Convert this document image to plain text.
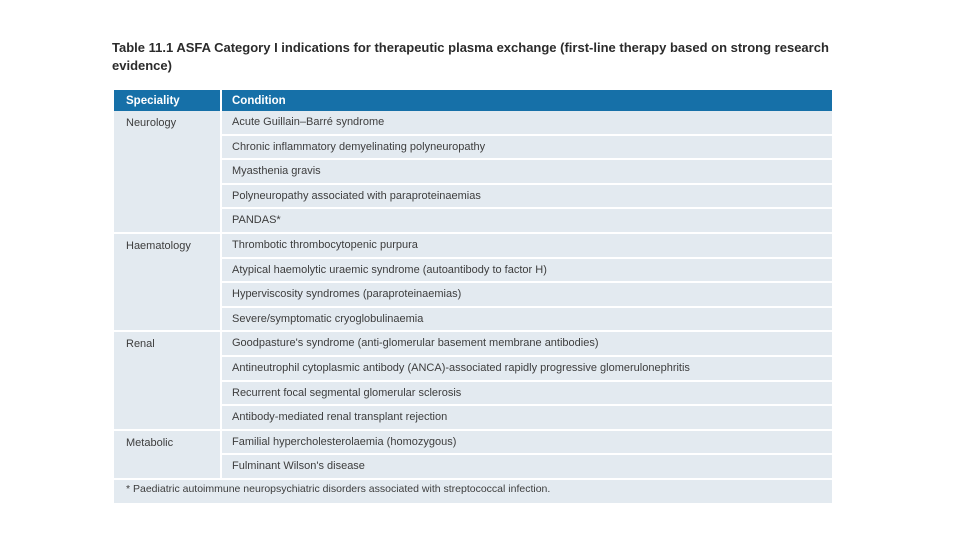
Table 11.1 ASFA Category I indications for therapeutic plasma exchange (first-line therapy based on strong research evidence)
Speciality	Condition
Neurology	Acute Guillain–Barré syndrome
	Chronic inflammatory demyelinating polyneuropathy
	Myasthenia gravis
	Polyneuropathy associated with paraproteinaemias
	PANDAS*
Haematology	Thrombotic thrombocytopenic purpura
	Atypical haemolytic uraemic syndrome (autoantibody to factor H)
	Hyperviscosity syndromes (paraproteinaemias)
	Severe/symptomatic cryoglobulinaemia
Renal	Goodpasture's syndrome (anti-glomerular basement membrane antibodies)
	Antineutrophil cytoplasmic antibody (ANCA)-associated rapidly progressive glomerulonephritis
	Recurrent focal segmental glomerular sclerosis
	Antibody-mediated renal transplant rejection
Metabolic	Familial hypercholesterolaemia (homozygous)
	Fulminant Wilson's disease
* Paediatric autoimmune neuropsychiatric disorders associated with streptococcal infection.	
